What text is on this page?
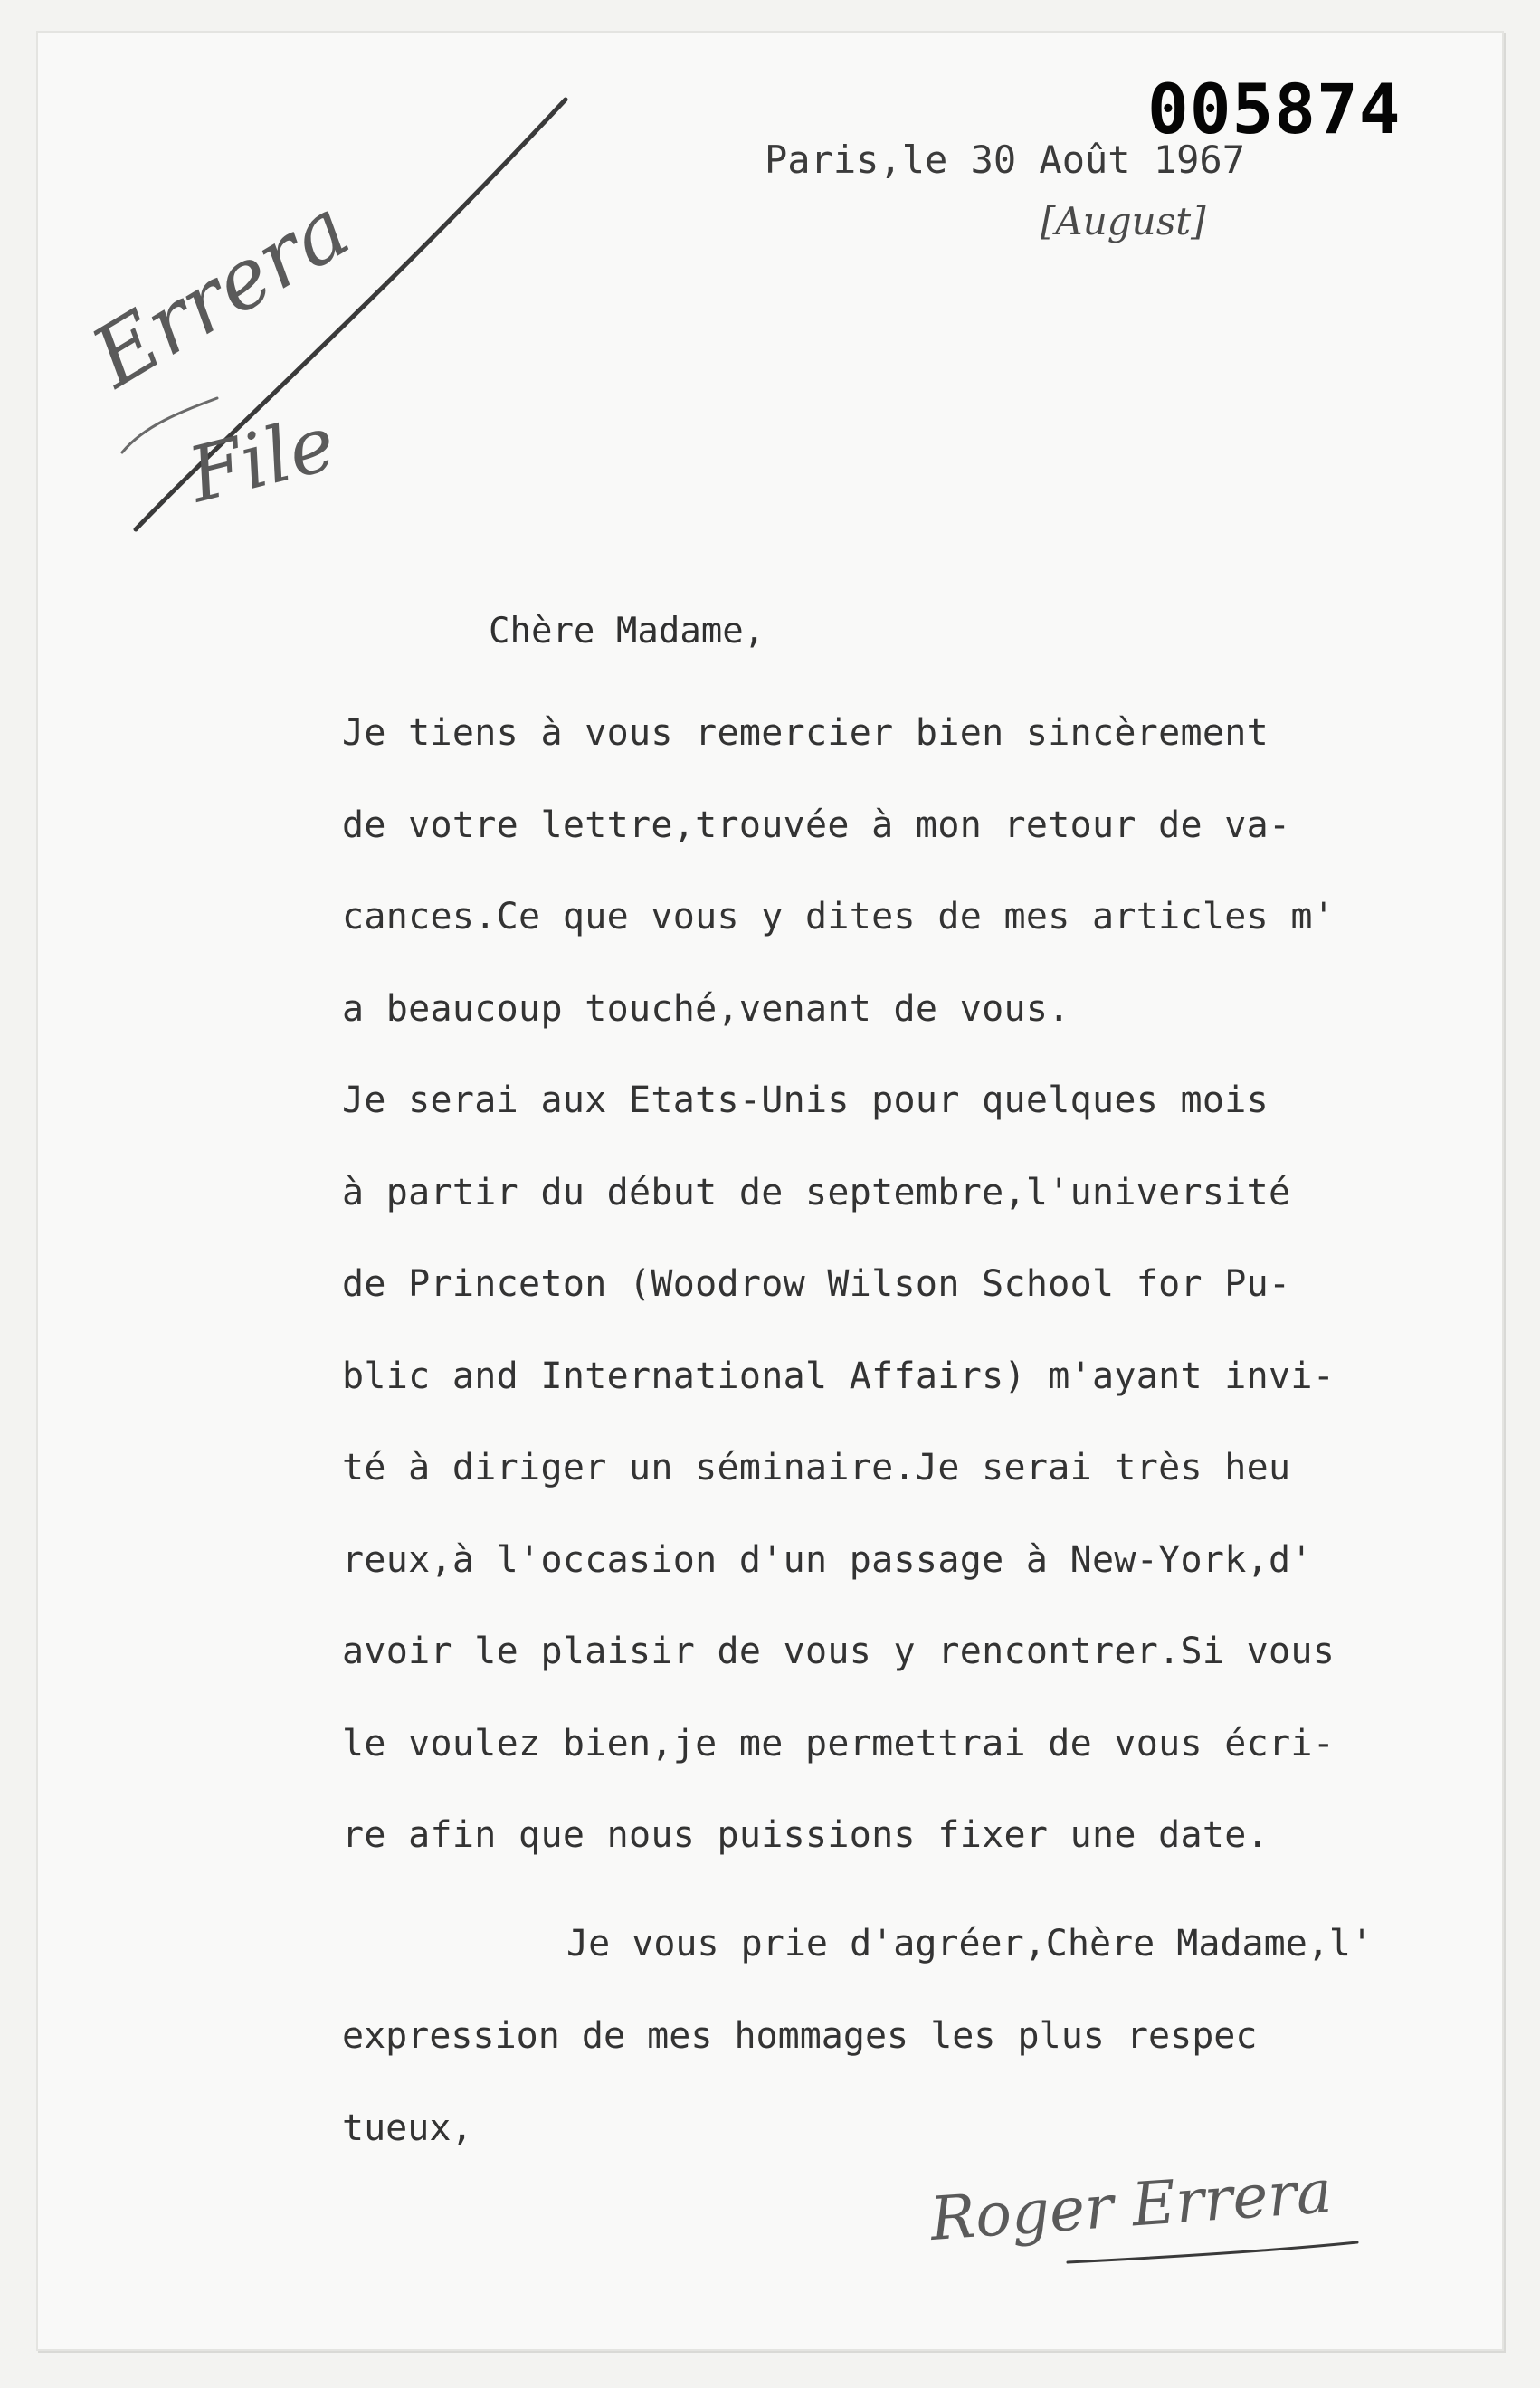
005874
Paris,le 30 Août 1967
[August]
Errera
File
Roger Errera
Chère Madame,
Je tiens à vous remercier bien sincèrement
de votre lettre,trouvée à mon retour de va-
cances.Ce que vous y dites de mes articles m'
a beaucoup touché,venant de vous.
Je serai aux Etats-Unis pour quelques mois
à partir du début de septembre,l'université
de Princeton (Woodrow Wilson School for Pu-
blic and International Affairs) m'ayant invi-
té à diriger un séminaire.Je serai très heu
reux,à l'occasion d'un passage à New-York,d'
avoir le plaisir de vous y rencontrer.Si vous
le voulez bien,je me permettrai de vous écri-
re afin que nous puissions fixer une date.
Je vous prie d'agréer,Chère Madame,l'
expression de mes hommages les plus respec
tueux,
